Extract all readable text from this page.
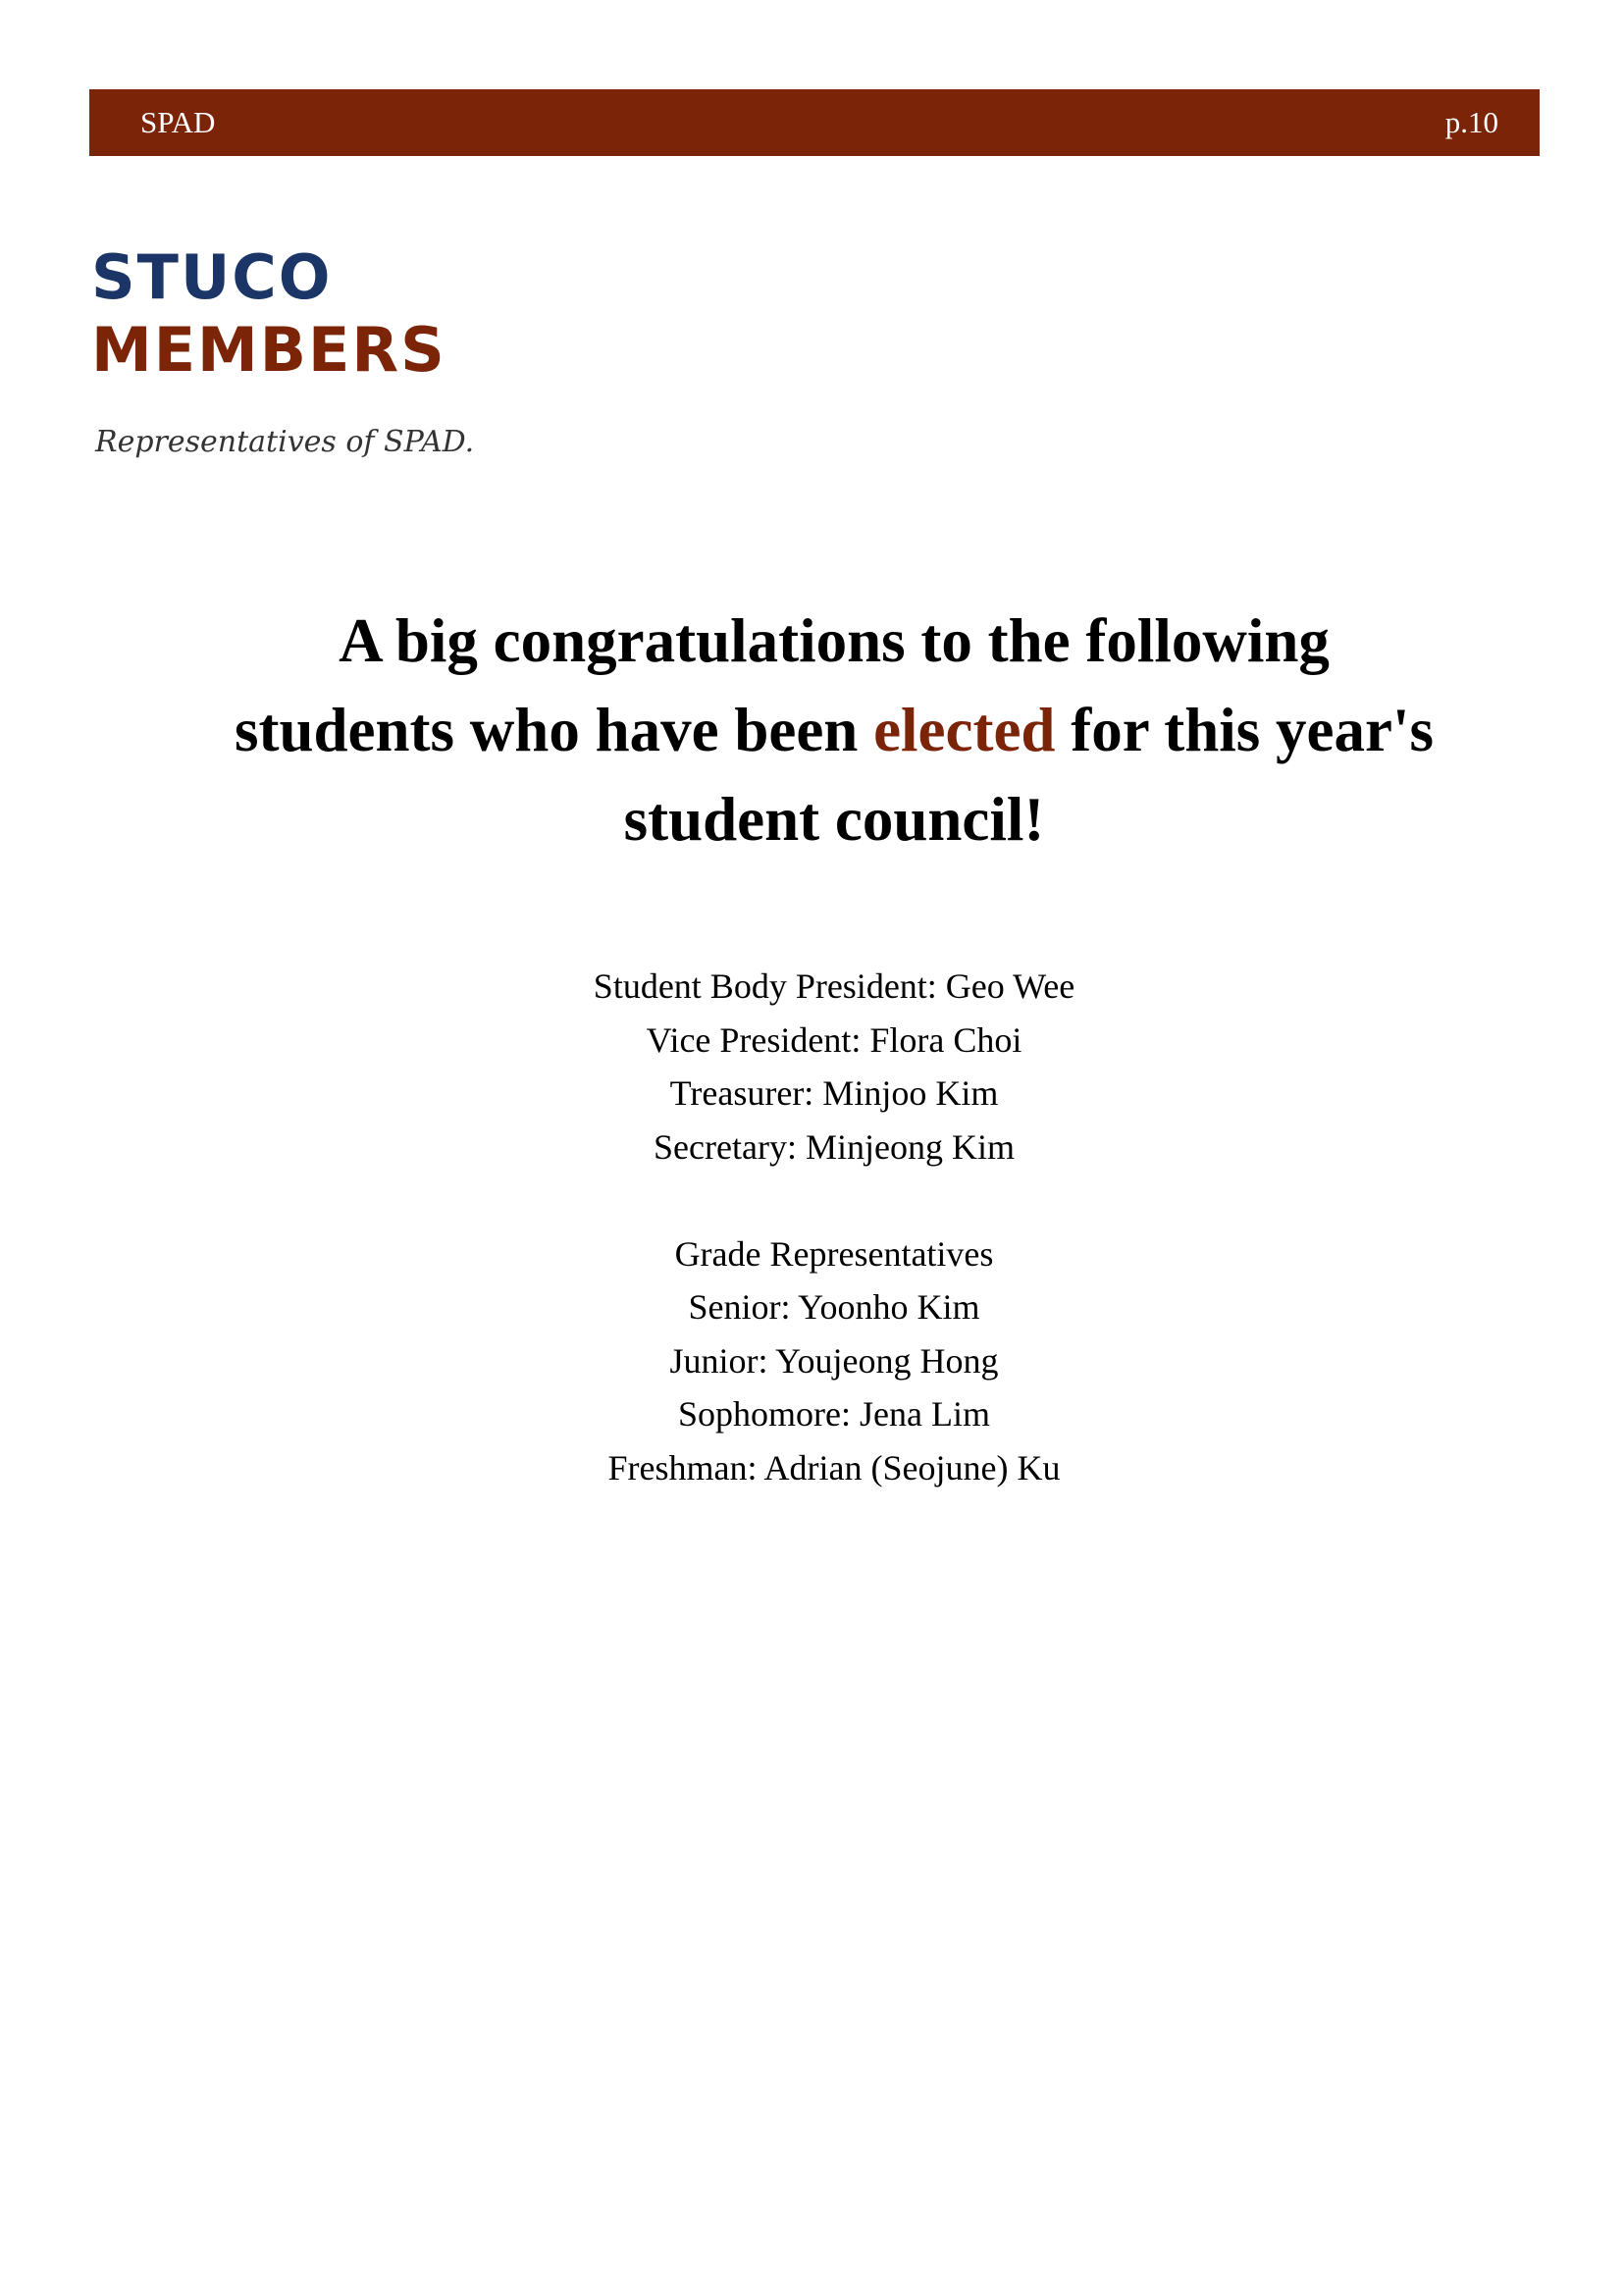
SPAD	p.10
STUCO
MEMBERS
Representatives of SPAD.
A big congratulations to the following students who have been elected for this year's student council!
Student Body President: Geo Wee
Vice President: Flora Choi
Treasurer: Minjoo Kim
Secretary: Minjeong Kim
Grade Representatives
Senior: Yoonho Kim
Junior: Youjeong Hong
Sophomore: Jena Lim
Freshman: Adrian (Seojune) Ku
